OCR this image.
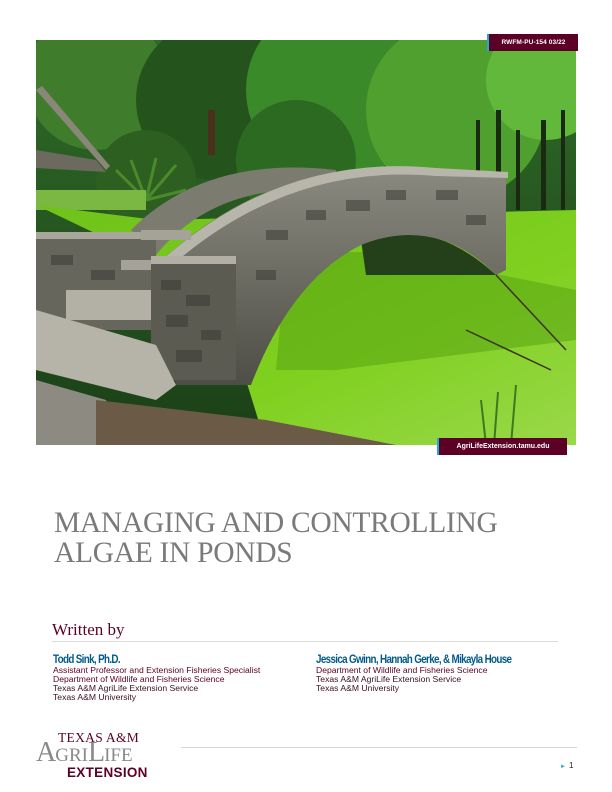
RWFM-PU-154 03/22
AgriLifeExtension.tamu.edu
MANAGING AND CONTROLLING
ALGAE IN PONDS
Written by
Todd Sink, Ph.D.
Assistant Professor and Extension Fisheries Specialist
Department of Wildlife and Fisheries Science
Texas A&M AgriLife Extension Service
Texas A&M University
Jessica Gwinn, Hannah Gerke, & Mikayla House
Department of Wildlife and Fisheries Science
Texas A&M AgriLife Extension Service
Texas A&M University
TEXAS A&M
AGRILIFE
EXTENSION	► 1
